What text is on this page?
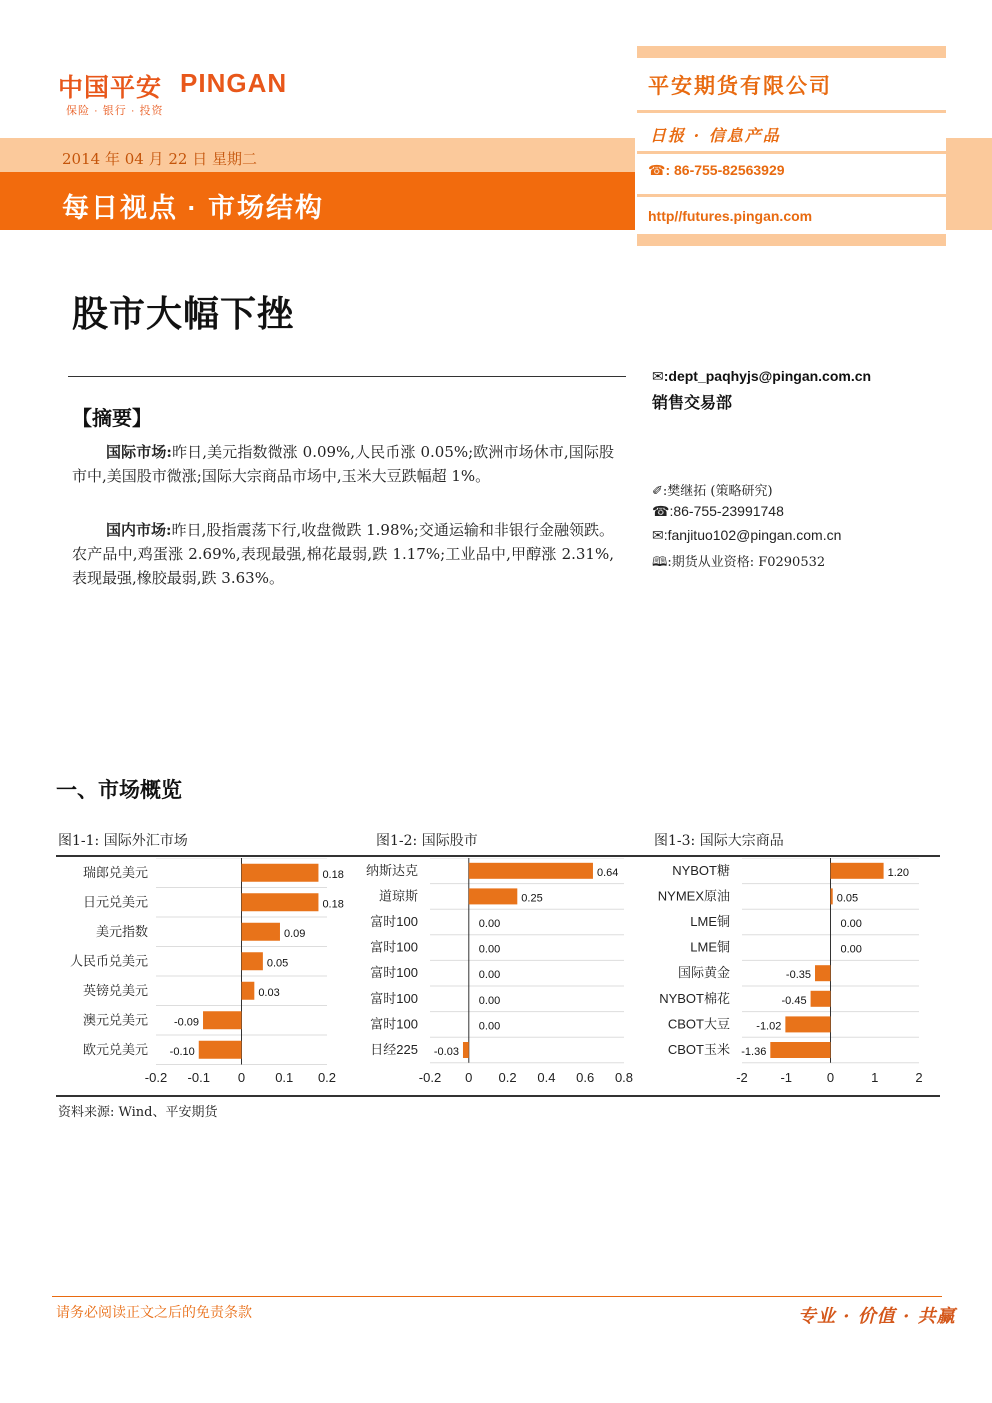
中国平安 PINGAN
保险 · 银行 · 投资
2014 年 04 月 22 日 星期二
每日视点 · 市场结构
平安期货有限公司
日报 · 信息产品
☎: 86-755-82563929
http//futures.pingan.com
股市大幅下挫
✉:dept_paqhyjs@pingan.com.cn
销售交易部
✐:樊继拓 (策略研究)
☎:86-755-23991748
✉:fanjituo102@pingan.com.cn
🕮:期货从业资格: F0290532
【摘要】
国际市场:昨日,美元指数微涨 0.09%,人民币涨 0.05%;欧洲市场休市,国际股市中,美国股市微涨;国际大宗商品市场中,玉米大豆跌幅超 1%。
国内市场:昨日,股指震荡下行,收盘微跌 1.98%;交通运输和非银行金融领跌。农产品中,鸡蛋涨 2.69%,表现最强,棉花最弱,跌 1.17%;工业品中,甲醇涨 2.31%,表现最强,橡胶最弱,跌 3.63%。
一、市场概览
图1-1: 国际外汇市场	图1-2: 国际股市	图1-3: 国际大宗商品
瑞郎兑美元	0.18
日元兑美元	0.18
美元指数	0.09
人民币兑美元	0.05
英镑兑美元	0.03
澳元兑美元 -0.09
欧元兑美元 -0.10
-0.2 -0.1 0 0.1 0.2
纳斯达克	0.64
道琼斯	0.25
富时100	0.00
富时100	0.00
富时100	0.00
富时100	0.00
富时100	0.00
日经225 -0.03
-0.2 0 0.2 0.4 0.6 0.8
NYBOT糖	1.20
NYMEX原油	0.05
LME铜	0.00
LME铜	0.00
国际黄金	-0.35
NYBOT棉花	-0.45
CBOT大豆 -1.02
CBOT玉米 -1.36
-2	-1	0	1	2
资料来源: Wind、平安期货
请务必阅读正文之后的免责条款	专业 · 价值 · 共赢
